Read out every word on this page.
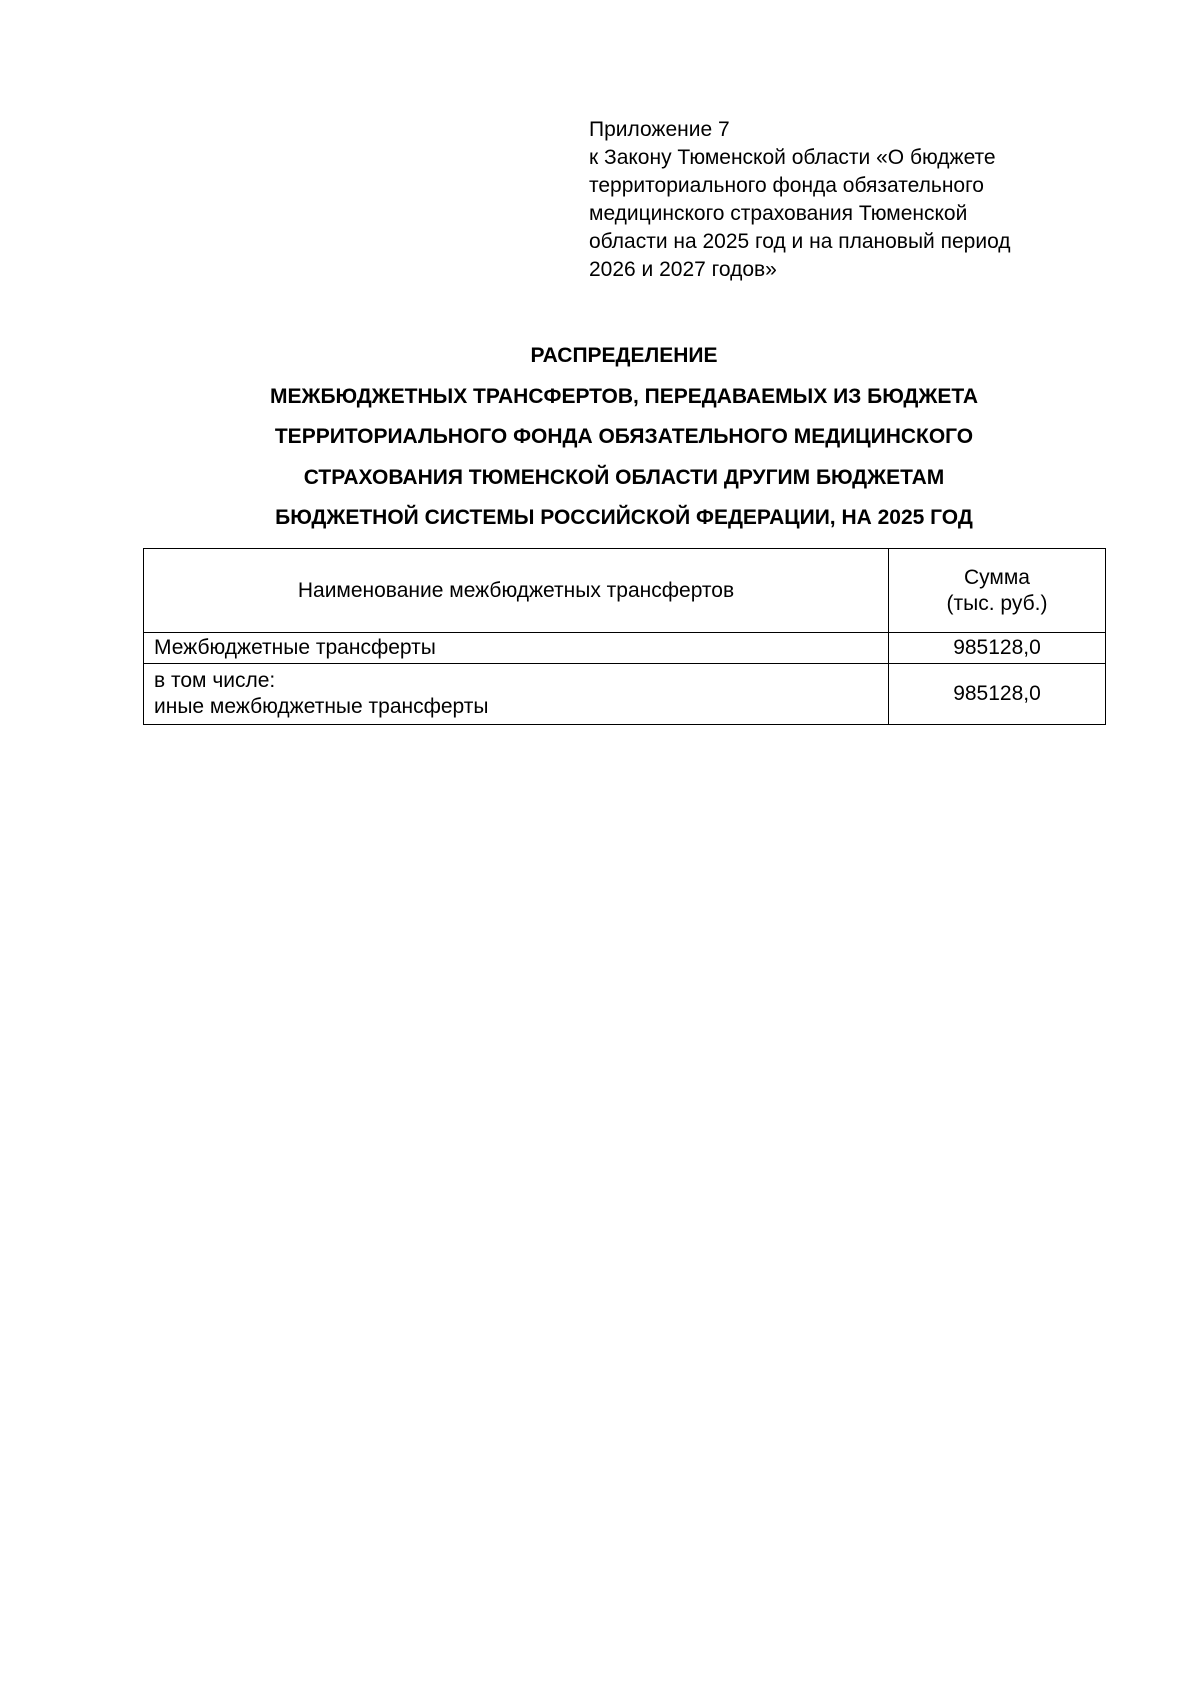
Приложение 7
к Закону Тюменской области «О бюджете
территориального фонда обязательного
медицинского страхования Тюменской
области на 2025 год и на плановый период
2026 и 2027 годов»
РАСПРЕДЕЛЕНИЕ
МЕЖБЮДЖЕТНЫХ ТРАНСФЕРТОВ, ПЕРЕДАВАЕМЫХ ИЗ БЮДЖЕТА
ТЕРРИТОРИАЛЬНОГО ФОНДА ОБЯЗАТЕЛЬНОГО МЕДИЦИНСКОГО
СТРАХОВАНИЯ ТЮМЕНСКОЙ ОБЛАСТИ ДРУГИМ БЮДЖЕТАМ
БЮДЖЕТНОЙ СИСТЕМЫ РОССИЙСКОЙ ФЕДЕРАЦИИ, НА 2025 ГОД
Наименование межбюджетных трансфертов	Сумма
(тыс. руб.)

Межбюджетные трансферты	985128,0

в том числе:
иные межбюджетные трансферты	985128,0
